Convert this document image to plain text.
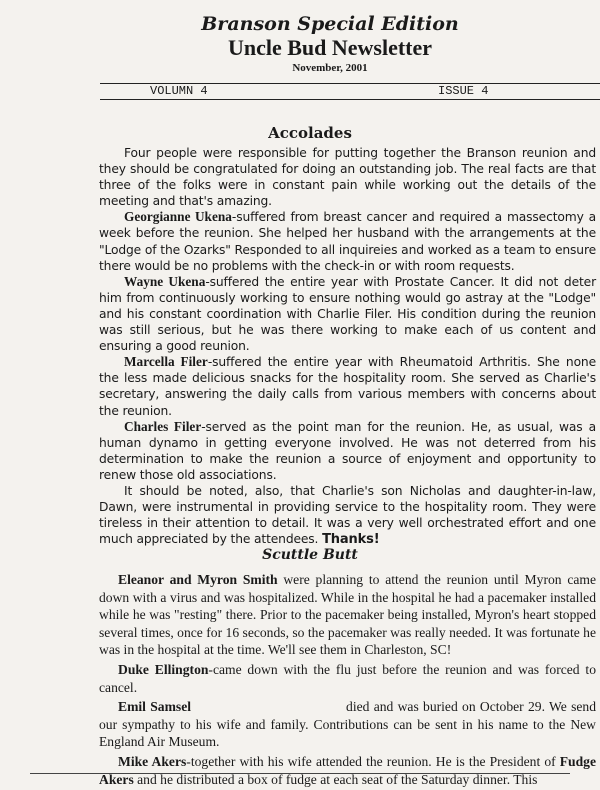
Branson Special Edition
Uncle Bud Newsletter
November, 2001
VOLUMN 4	ISSUE 4
Accolades

Four people were responsible for putting together the Branson reunion and they should be congratulated for doing an outstanding job. The real facts are that three of the folks were in constant pain while working out the details of the meeting and that's amazing.

Georgianne Ukena-suffered from breast cancer and required a massectomy a week before the reunion. She helped her husband with the arrangements at the "Lodge of the Ozarks" Responded to all inquireies and worked as a team to ensure there would be no problems with the check-in or with room requests.

Wayne Ukena-suffered the entire year with Prostate Cancer. It did not deter him from continuously working to ensure nothing would go astray at the "Lodge" and his constant coordination with Charlie Filer. His condition during the reunion was still serious, but he was there working to make each of us content and ensuring a good reunion.

Marcella Filer-suffered the entire year with Rheumatoid Arthritis. She none the less made delicious snacks for the hospitality room. She served as Charlie's secretary, answering the daily calls from various members with concerns about the reunion.

Charles Filer-served as the point man for the reunion. He, as usual, was a human dynamo in getting everyone involved. He was not deterred from his determination to make the reunion a source of enjoyment and opportunity to renew those old associations.

It should be noted, also, that Charlie's son Nicholas and daughter-in-law, Dawn, were instrumental in providing service to the hospitality room. They were tireless in their attention to detail. It was a very well orchestrated effort and one much appreciated by the attendees. Thanks!

Scuttle Butt

Eleanor and Myron Smith were planning to attend the reunion until Myron came down with a virus and was hospitalized. While in the hospital he had a pacemaker installed while he was "resting" there. Prior to the pacemaker being installed, Myron's heart stopped several times, once for 16 seconds, so the pacemaker was really needed. It was fortunate he was in the hospital at the time. We'll see them in Charleston, SC!

Duke Ellington-came down with the flu just before the reunion and was forced to cancel.

Emil Samsel	died and was buried on October 29. We send our sympathy to his wife and family. Contributions can be sent in his name to the New England Air Museum.

Mike Akers-together with his wife attended the reunion. He is the President of Fudge Akers and he distributed a box of fudge at each seat of the Saturday dinner. This
